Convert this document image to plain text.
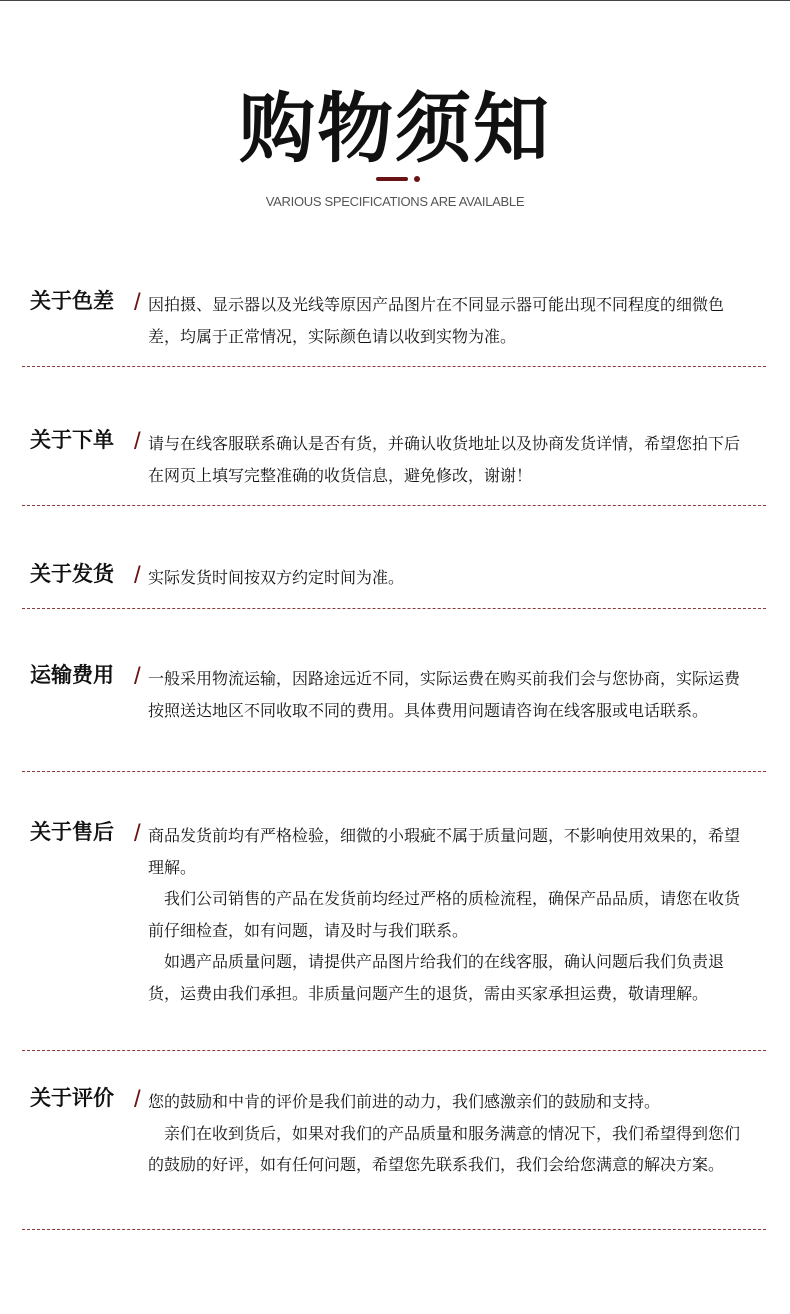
购物须知
VARIOUS SPECIFICATIONS ARE AVAILABLE
关于色差 / 因拍摄、显示器以及光线等原因产品图片在不同显示器可能出现不同程度的细微色差，均属于正常情况，实际颜色请以收到实物为准。

关于下单 / 请与在线客服联系确认是否有货，并确认收货地址以及协商发货详情，希望您拍下后在网页上填写完整准确的收货信息，避免修改，谢谢！

关于发货 / 实际发货时间按双方约定时间为准。

运输费用 / 一般采用物流运输，因路途远近不同，实际运费在购买前我们会与您协商，实际运费按照送达地区不同收取不同的费用。具体费用问题请咨询在线客服或电话联系。

关于售后 / 商品发货前均有严格检验，细微的小瑕疵不属于质量问题，不影响使用效果的，希望理解。

我们公司销售的产品在发货前均经过严格的质检流程，确保产品品质，请您在收货前仔细检查，如有问题，请及时与我们联系。

如遇产品质量问题，请提供产品图片给我们的在线客服，确认问题后我们负责退货，运费由我们承担。非质量问题产生的退货，需由买家承担运费，敬请理解。

关于评价 / 您的鼓励和中肯的评价是我们前进的动力，我们感激亲们的鼓励和支持。

亲们在收到货后，如果对我们的产品质量和服务满意的情况下，我们希望得到您们的鼓励的好评，如有任何问题，希望您先联系我们，我们会给您满意的解决方案。
